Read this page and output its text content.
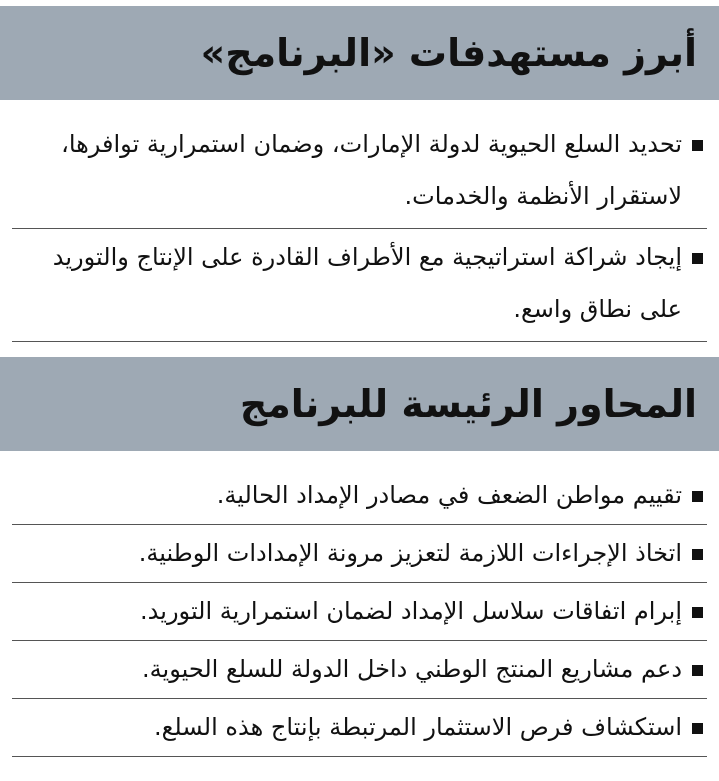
أبرز مستهدفات «البرنامج»
تحديد السلع الحيوية لدولة الإمارات، وضمان استمرارية توافرها، لاستقرار الأنظمة والخدمات.
إيجاد شراكة استراتيجية مع الأطراف القادرة على الإنتاج والتوريد على نطاق واسع.
المحاور الرئيسة للبرنامج
تقييم مواطن الضعف في مصادر الإمداد الحالية.
اتخاذ الإجراءات اللازمة لتعزيز مرونة الإمدادات الوطنية.
إبرام اتفاقات سلاسل الإمداد لضمان استمرارية التوريد.
دعم مشاريع المنتج الوطني داخل الدولة للسلع الحيوية.
استكشاف فرص الاستثمار المرتبطة بإنتاج هذه السلع.
